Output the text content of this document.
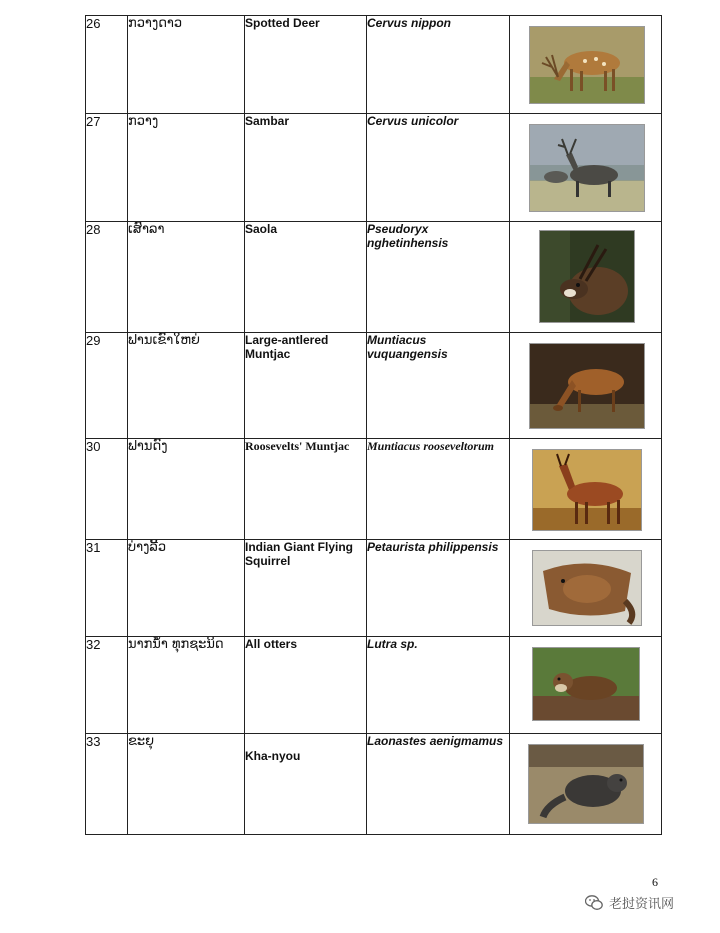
26	ກວາງດາວ	Spotted Deer	Cervus nippon	

27	ກວາງ	Sambar	Cervus unicolor	

28	ເສົາລາ	Saola	Pseudoryx nghetinhensis	

29	ຟານເຂົາໃຫຍ່	Large-antlered Muntjac	Muntiacus vuquangensis	

30	ຟານດົງ	Roosevelts' Muntjac	Muntiacus rooseveltorum	

31	ບ່າງລີ້ວ	Indian Giant Flying Squirrel	Petaurista philippensis	

32	ນາກນ້ໍາ ທຸກຊະນິດ	All otters	Lutra sp.	

33	ຂະຍຸ	Kha-nyou	Laonastes aenigmamus	
6
老挝资讯网
